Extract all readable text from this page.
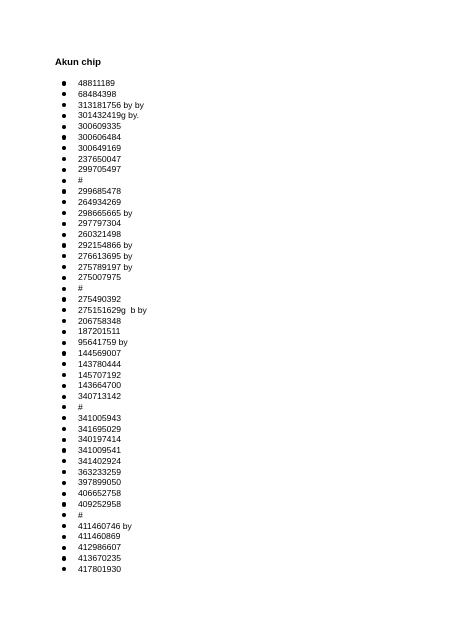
Akun chip
48811189
68484398
313181756 by by
301432419g by.
300609335
300606484
300649169
237650047
299705497
#
299685478
264934269
298665665 by
297797304
260321498
292154866 by
276613695 by
275789197 by
275007975
#
275490392
275151629g  b by
206758348
187201511
95641759 by
144569007
143780444
145707192
143664700
340713142
#
341005943
341695029
340197414
341009541
341402924
363233259
397899050
406652758
409252958
#
411460746 by
411460869
412986607
413670235
417801930
